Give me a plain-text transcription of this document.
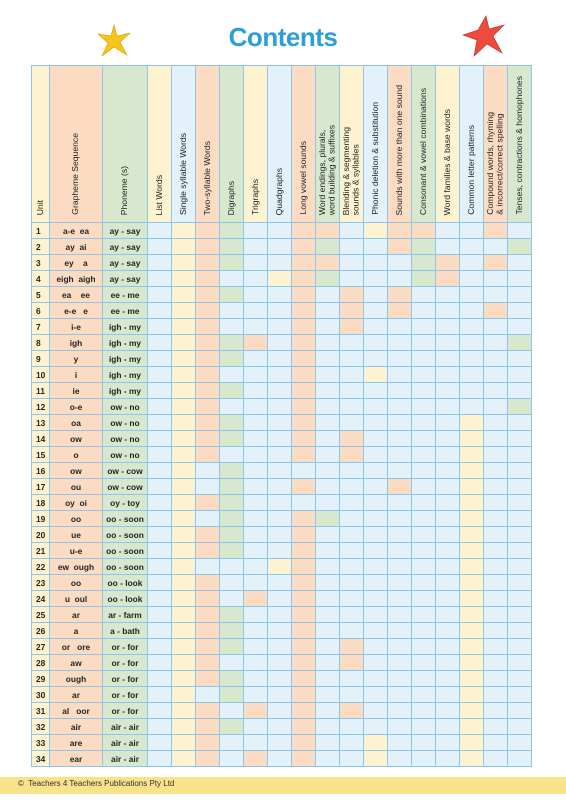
Contents
Unit	Grapheme Sequence	Phoneme (s)	List Words	Single syllable Words	Two-syllable Words	Digraphs	Trigraphs	Quadgraphs	Long vowel sounds	Word endings, plurals,
word building & suffixes	Blending & segmenting
sounds & syllables	Phonic deletion & substitution	Sounds with more than one sound	Consonant & vowel combinations	Word families & base words	Common letter patterns	Compound words, rhyming
& incorrect/correct spelling	Tenses, contractions & homophones
1	a-e  ea	ay - say																
2	ay  ai	ay - say																
3	ey    a	ay - say																
4	eigh  aigh	ay - say																
5	ea    ee	ee - me																
6	e-e   e	ee - me																
7	i-e	igh - my																
8	igh	igh - my																
9	y	igh - my																
10	i	igh - my																
11	ie	igh - my																
12	o-e	ow - no																
13	oa	ow - no																
14	ow	ow - no																
15	o	ow - no																
16	ow	ow - cow																
17	ou	ow - cow																
18	oy  oi	oy - toy																
19	oo	oo - soon																
20	ue	oo - soon																
21	u-e	oo - soon																
22	ew  ough	oo - soon																
23	oo	oo - look																
24	u  oul	oo - look																
25	ar	ar - farm																
26	a	a - bath																
27	or   ore	or - for																
28	aw	or - for																
29	ough	or - for																
30	ar	or - for																
31	al   oor	or - for																
32	air	air - air																
33	are	air - air																
34	ear	air - air																
© Teachers 4 Teachers Publications Pty Ltd
